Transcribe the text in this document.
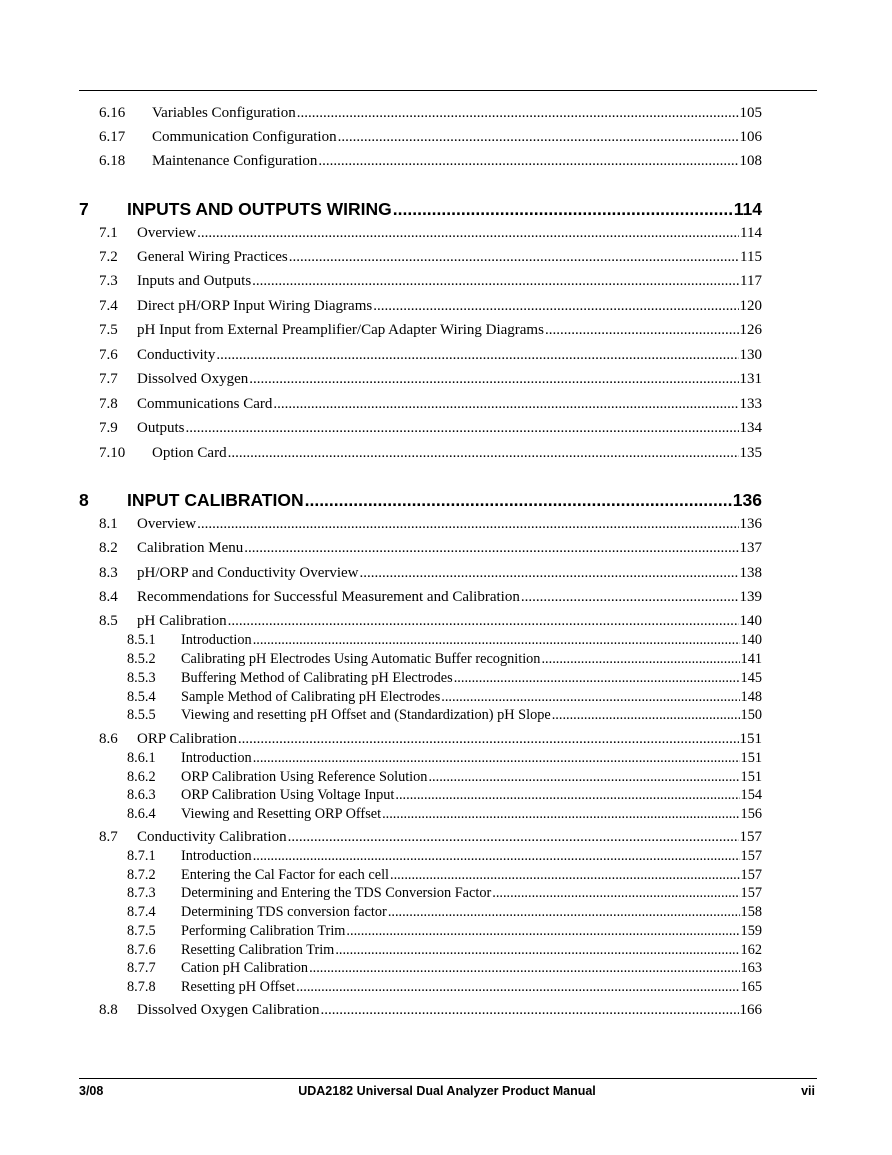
6.16	Variables Configuration .....	105
6.17	Communication Configuration .....	106
6.18	Maintenance Configuration .....	108
7	INPUTS AND OUTPUTS WIRING .....	114
7.1	Overview .....	114
7.2	General Wiring Practices .....	115
7.3	Inputs and Outputs .....	117
7.4	Direct pH/ORP Input Wiring Diagrams .....	120
7.5	pH Input from External Preamplifier/Cap Adapter Wiring Diagrams .....	126
7.6	Conductivity .....	130
7.7	Dissolved Oxygen .....	131
7.8	Communications Card .....	133
7.9	Outputs .....	134
7.10	Option Card .....	135
8	INPUT CALIBRATION .....	136
8.1	Overview .....	136
8.2	Calibration Menu .....	137
8.3	pH/ORP and Conductivity Overview .....	138
8.4	Recommendations for Successful Measurement and Calibration .....	139
8.5	pH Calibration .....	140
8.5.1	Introduction .....	140
8.5.2	Calibrating pH Electrodes Using Automatic Buffer recognition .....	141
8.5.3	Buffering Method of Calibrating pH Electrodes .....	145
8.5.4	Sample Method of Calibrating pH Electrodes .....	148
8.5.5	Viewing and resetting pH Offset and (Standardization) pH Slope .....	150
8.6	ORP Calibration .....	151
8.6.1	Introduction .....	151
8.6.2	ORP Calibration Using Reference Solution .....	151
8.6.3	ORP Calibration Using Voltage Input .....	154
8.6.4	Viewing and Resetting ORP Offset .....	156
8.7	Conductivity Calibration .....	157
8.7.1	Introduction .....	157
8.7.2	Entering the Cal Factor for each cell .....	157
8.7.3	Determining and Entering the TDS Conversion Factor .....	157
8.7.4	Determining TDS conversion factor .....	158
8.7.5	Performing Calibration Trim .....	159
8.7.6	Resetting Calibration Trim .....	162
8.7.7	Cation pH Calibration .....	163
8.7.8	Resetting pH Offset .....	165
8.8	Dissolved Oxygen Calibration .....	166
3/08	UDA2182 Universal Dual Analyzer Product Manual	vii
